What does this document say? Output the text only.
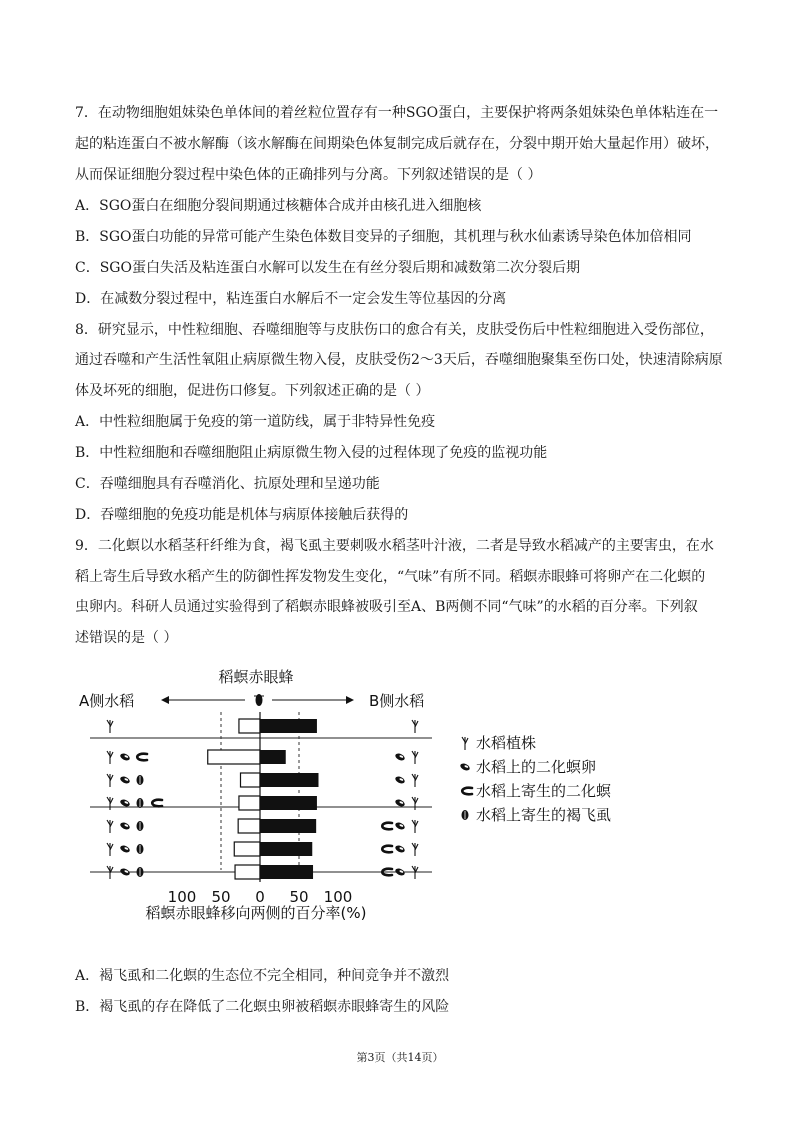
7．在动物细胞姐妹染色单体间的着丝粒位置存有一种SGO蛋白，主要保护将两条姐妹染色单体粘连在一
起的粘连蛋白不被水解酶（该水解酶在间期染色体复制完成后就存在，分裂中期开始大量起作用）破坏，
从而保证细胞分裂过程中染色体的正确排列与分离。下列叙述错误的是（ ）
A．SGO蛋白在细胞分裂间期通过核糖体合成并由核孔进入细胞核
B．SGO蛋白功能的异常可能产生染色体数目变异的子细胞，其机理与秋水仙素诱导染色体加倍相同
C．SGO蛋白失活及粘连蛋白水解可以发生在有丝分裂后期和减数第二次分裂后期
D．在减数分裂过程中，粘连蛋白水解后不一定会发生等位基因的分离
8．研究显示，中性粒细胞、吞噬细胞等与皮肤伤口的愈合有关，皮肤受伤后中性粒细胞进入受伤部位，
通过吞噬和产生活性氧阻止病原微生物入侵，皮肤受伤2～3天后，吞噬细胞聚集至伤口处，快速清除病原
体及坏死的细胞，促进伤口修复。下列叙述正确的是（ ）
A．中性粒细胞属于免疫的第一道防线，属于非特异性免疫
B．中性粒细胞和吞噬细胞阻止病原微生物入侵的过程体现了免疫的监视功能
C．吞噬细胞具有吞噬消化、抗原处理和呈递功能
D．吞噬细胞的免疫功能是机体与病原体接触后获得的
9．二化螟以水稻茎秆纤维为食，褐飞虱主要刺吸水稻茎叶汁液，二者是导致水稻减产的主要害虫，在水
稻上寄生后导致水稻产生的防御性挥发物发生变化，“气味”有所不同。稻螟赤眼蜂可将卵产在二化螟的
虫卵内。科研人员通过实验得到了稻螟赤眼蜂被吸引至A、B两侧不同“气味”的水稻的百分率。下列叙
述错误的是（ ）
稻螟赤眼蜂
A侧水稻	B侧水稻
100 50 0 50 100
水稻植株
水稻上的二化螟卵
水稻上寄生的二化螟
水稻上寄生的褐飞虱
稻螟赤眼蜂移向两侧的百分率(%)
A．褐飞虱和二化螟的生态位不完全相同，种间竞争并不激烈
B．褐飞虱的存在降低了二化螟虫卵被稻螟赤眼蜂寄生的风险
第3页（共14页）
